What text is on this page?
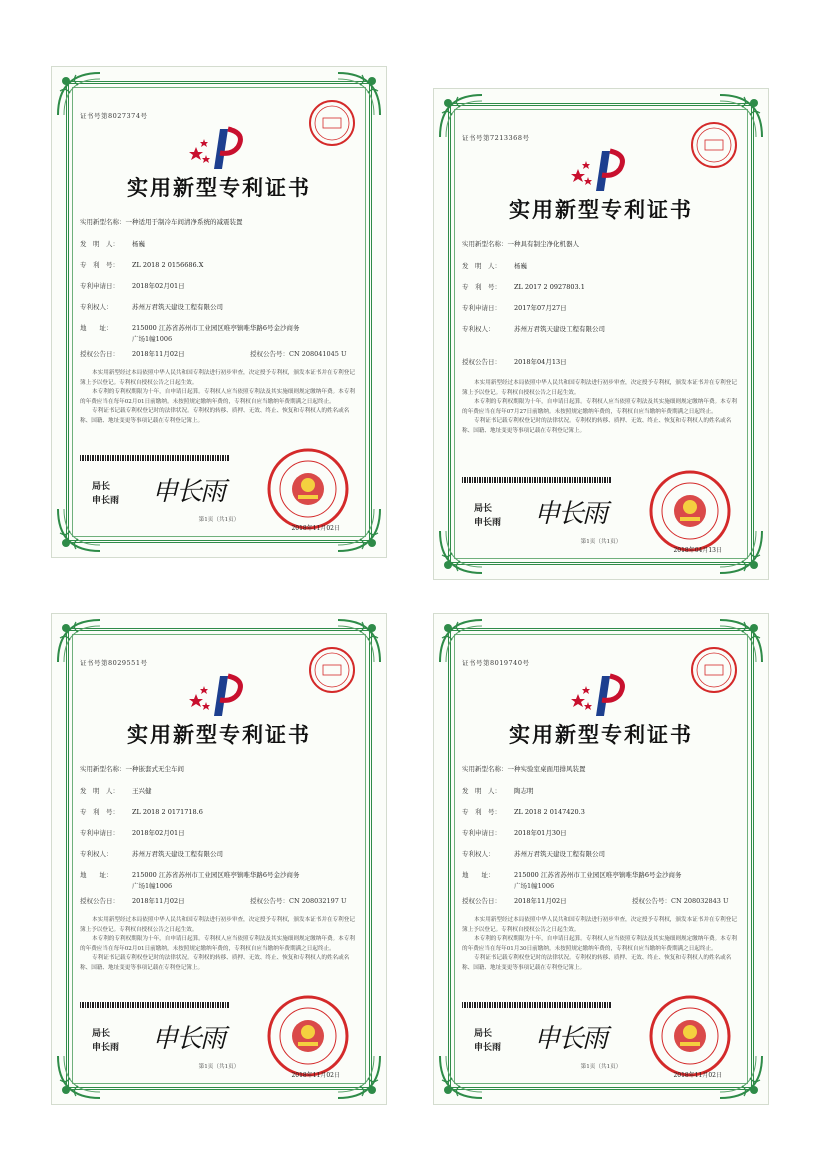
证书号第8027374号
实用新型专利证书
实用新型名称：一种适用于制冷车间清净系统的减震装置
发　明　人： 杨巍
专　利　号： ZL 2018 2 0156686.X
专利申请日： 2018年02月01日
专利权人：	苏州万君筑天建设工程有限公司
地　　址：	215000 江苏省苏州市工业园区唯亭镇唯华路6号金沙商务
广场1幢1006
授权公告日： 2018年11月02日	授权公告号：CN 208041045 U

本实用新型经过本局依照中华人民共和国专利法进行初步审查，决定授予专利权，颁发本证书并在专利登记簿上予以登记。专利权自授权公告之日起生效。

本专利的专利权期限为十年，自申请日起算。专利权人应当依照专利法及其实施细则规定缴纳年费。本专利的年费应当在每年02月01日前缴纳。未按照规定缴纳年费的，专利权自应当缴纳年费期满之日起终止。

专利证书记载专利权登记时的法律状况。专利权的转移、质押、无效、终止、恢复和专利权人的姓名或名称、国籍、地址变更等事项记载在专利登记簿上。

局长
申长雨 申长雨
2018年11月02日
第1页（共1页）
证书号第7213368号
实用新型专利证书
实用新型名称：一种具有制尘净化机器人
发　明　人： 杨巍
专　利　号： ZL 2017 2 0927803.1
专利申请日： 2017年07月27日
专利权人：	苏州万君筑天建设工程有限公司
授权公告日： 2018年04月13日

本实用新型经过本局依照中华人民共和国专利法进行初步审查，决定授予专利权，颁发本证书并在专利登记簿上予以登记。专利权自授权公告之日起生效。

本专利的专利权期限为十年，自申请日起算。专利权人应当依照专利法及其实施细则规定缴纳年费。本专利的年费应当在每年07月27日前缴纳。未按照规定缴纳年费的，专利权自应当缴纳年费期满之日起终止。

专利证书记载专利权登记时的法律状况。专利权的转移、质押、无效、终止、恢复和专利权人的姓名或名称、国籍、地址变更等事项记载在专利登记簿上。

局长
申长雨 申长雨
2018年04月13日
第1页（共1页）
证书号第8029551号
实用新型专利证书
实用新型名称：一种嵌套式无尘车间
发　明　人： 王兴健
专　利　号： ZL 2018 2 0171718.6
专利申请日： 2018年02月01日
专利权人：	苏州万君筑天建设工程有限公司
地　　址：	215000 江苏省苏州市工业园区唯亭镇唯华路6号金沙商务
广场1幢1006
授权公告日： 2018年11月02日	授权公告号：CN 208032197 U

本实用新型经过本局依照中华人民共和国专利法进行初步审查，决定授予专利权，颁发本证书并在专利登记簿上予以登记。专利权自授权公告之日起生效。

本专利的专利权期限为十年，自申请日起算。专利权人应当依照专利法及其实施细则规定缴纳年费。本专利的年费应当在每年02月01日前缴纳。未按照规定缴纳年费的，专利权自应当缴纳年费期满之日起终止。

专利证书记载专利权登记时的法律状况。专利权的转移、质押、无效、终止、恢复和专利权人的姓名或名称、国籍、地址变更等事项记载在专利登记簿上。

局长
申长雨 申长雨
2018年11月02日
第1页（共1页）
证书号第8019740号
实用新型专利证书
实用新型名称：一种实验室桌面用排风装置
发　明　人： 陶志明
专　利　号： ZL 2018 2 0147420.3
专利申请日： 2018年01月30日
专利权人：	苏州万君筑天建设工程有限公司
地　　址：	215000 江苏省苏州市工业园区唯亭镇唯华路6号金沙商务
广场1幢1006
授权公告日： 2018年11月02日	授权公告号：CN 208032843 U

本实用新型经过本局依照中华人民共和国专利法进行初步审查，决定授予专利权，颁发本证书并在专利登记簿上予以登记。专利权自授权公告之日起生效。

本专利的专利权期限为十年，自申请日起算。专利权人应当依照专利法及其实施细则规定缴纳年费。本专利的年费应当在每年01月30日前缴纳。未按照规定缴纳年费的，专利权自应当缴纳年费期满之日起终止。

专利证书记载专利权登记时的法律状况。专利权的转移、质押、无效、终止、恢复和专利权人的姓名或名称、国籍、地址变更等事项记载在专利登记簿上。

局长
申长雨 申长雨
2018年11月02日
第1页（共1页）
